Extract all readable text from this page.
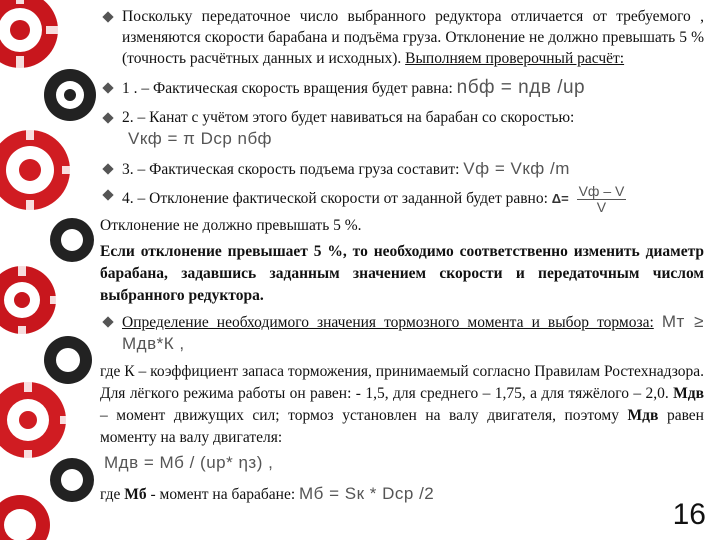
Поскольку передаточное число выбранного редуктора отличается от требуемого , изменяются скорости барабана и подъёма груза. Отклонение не должно превышать 5 % (точность расчётных данных и исходных). Выполняем проверочный расчёт:
1 . – Фактическая скорость вращения будет равна: nбф = nдв /uр
2. – Канат с учётом этого будет навиваться на барабан со скоростью:
Vкф = π Dср nбф
3. – Фактическая скорость подъема груза составит: Vф = Vкф /m
4. – Отклонение фактической скорости от заданной будет равно: $\Delta= \frac{Vф - V}{V}$
Отклонение не должно превышать 5 %.
Если отклонение превышает 5 %, то необходимо соответственно изменить диаметр барабана, задавшись заданным значением скорости и передаточным числом выбранного редуктора.
Определение необходимого значения тормозного момента и выбор тормоза: Mт ≥ Mдв*К ,
где К – коэффициент запаса торможения, принимаемый согласно Правилам Ростехнадзора. Для лёгкого режима работы он равен: - 1,5, для среднего – 1,75, а для тяжёлого – 2,0. Mдв – момент движущих сил; тормоз установлен на валу двигателя, поэтому Mдв равен моменту на валу двигателя:
Mдв = Mб / (uр* ηз) ,
где Mб - момент на барабане: Mб = Sк * Dср /2
16
